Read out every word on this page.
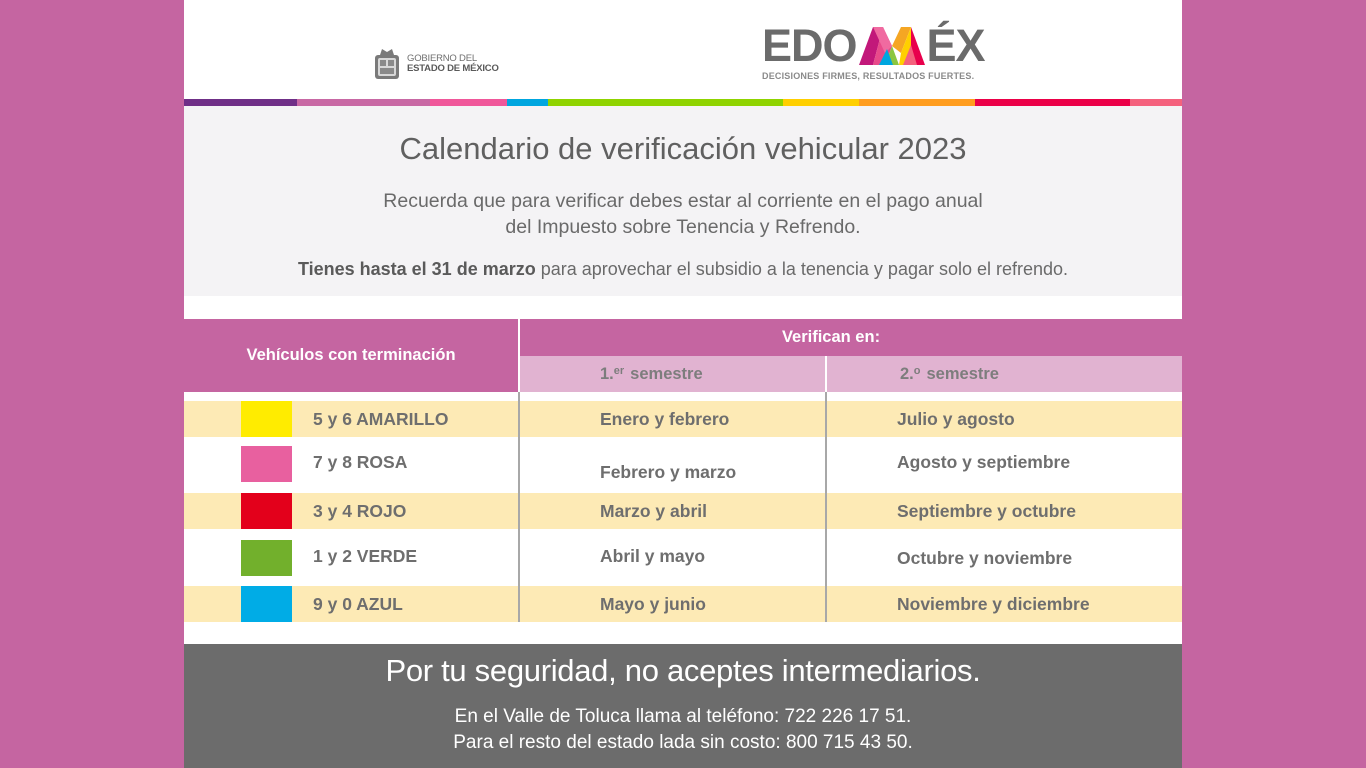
GOBIERNO DEL
ESTADO DE MÉXICO	EDO ÉX
DECISIONES FIRMES, RESULTADOS FUERTES.
Calendario de verificación vehicular 2023
Recuerda que para verificar debes estar al corriente en el pago anual
del Impuesto sobre Tenencia y Refrendo.
Tienes hasta el 31 de marzo para aprovechar el subsidio a la tenencia y pagar solo el refrendo.
Vehículos con terminación
Verifican en:
1.$^{er}$ semestre	2.$^o$ semestre
5 y 6 AMARILLO	Enero y febrero	Julio y agosto
7 y 8 ROSA	Febrero y marzo	Agosto y septiembre
3 y 4 ROJO	Marzo y abril	Septiembre y octubre
1 y 2 VERDE	Abril y mayo	Octubre y noviembre
9 y 0 AZUL	Mayo y junio	Noviembre y diciembre
Por tu seguridad, no aceptes intermediarios.
En el Valle de Toluca llama al teléfono: 722 226 17 51.
Para el resto del estado lada sin costo: 800 715 43 50.
